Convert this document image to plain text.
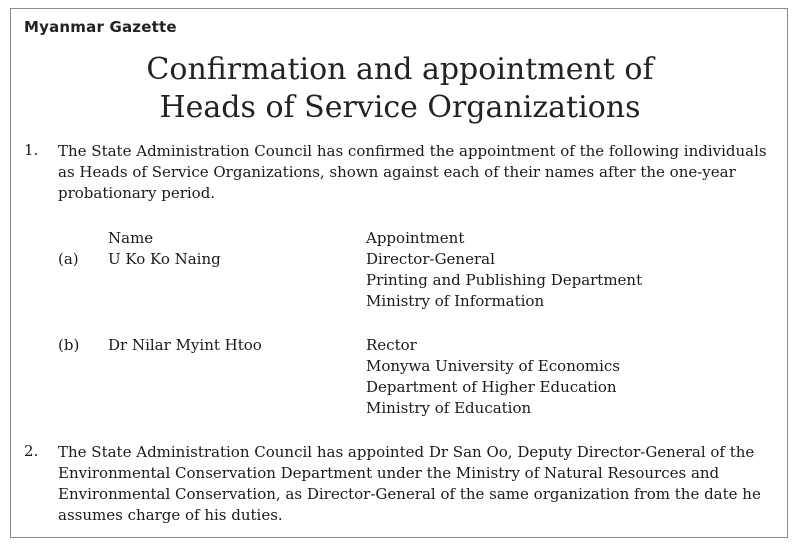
Myanmar Gazette
Confirmation and appointment of
Heads of Service Organizations
1. The State Administration Council has confirmed the appointment of the following individuals as Heads of Service Organizations, shown against each of their names after the one-year probationary period.
Name	Appointment
(a) U Ko Ko Naing	Director-General
Printing and Publishing Department
Ministry of Information
(b) Dr Nilar Myint Htoo	Rector
Monywa University of Economics
Department of Higher Education
Ministry of Education
2. The State Administration Council has appointed Dr San Oo, Deputy Director-General of the Environmental Conservation Department under the Ministry of Natural Resources and Environmental Conservation, as Director-General of the same organization from the date he assumes charge of his duties.
